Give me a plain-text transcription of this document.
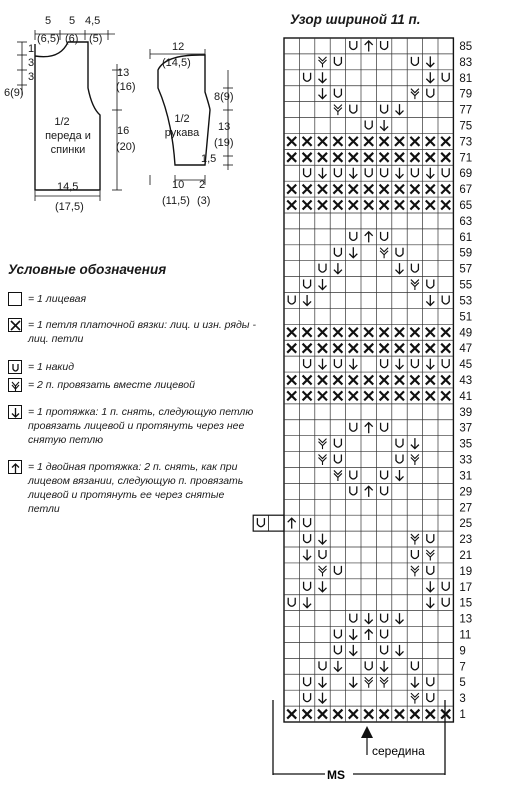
5
(6,5)
5
(6)
4,5
(5)
1
3
3
6(9)
13
(16)
16
(20)
1/2
переда и
спинки
14,5
(17,5)
12
(14,5)
8(9)
13
(19)
1,5
1/2
рукава
10
(11,5)
2
(3)
Условные обозначения
= 1 лицевая
= 1 петля платочной вязки: лиц. и изн. ряды - лиц. петли
= 1 накид
= 2 п. провязать вместе лицевой
= 1 протяжка: 1 п. снять, следующую петлю провязать лицевой и протянуть через нее снятую петлю
= 1 двойная протяжка: 2 п. снять, как при лицевом вязании, следующую п. провязать лицевой и протянуть ее через снятые петли
Узор шириной 11 п.
85
83
81
79
77
75
73
71
69
67
65
63
61
59
57
55
53
51
49
47
45
43
41
39
37
35
33
31
29
27
25
23
21
19
17
15
13
11
9
7
5
3
1
середина
MS
